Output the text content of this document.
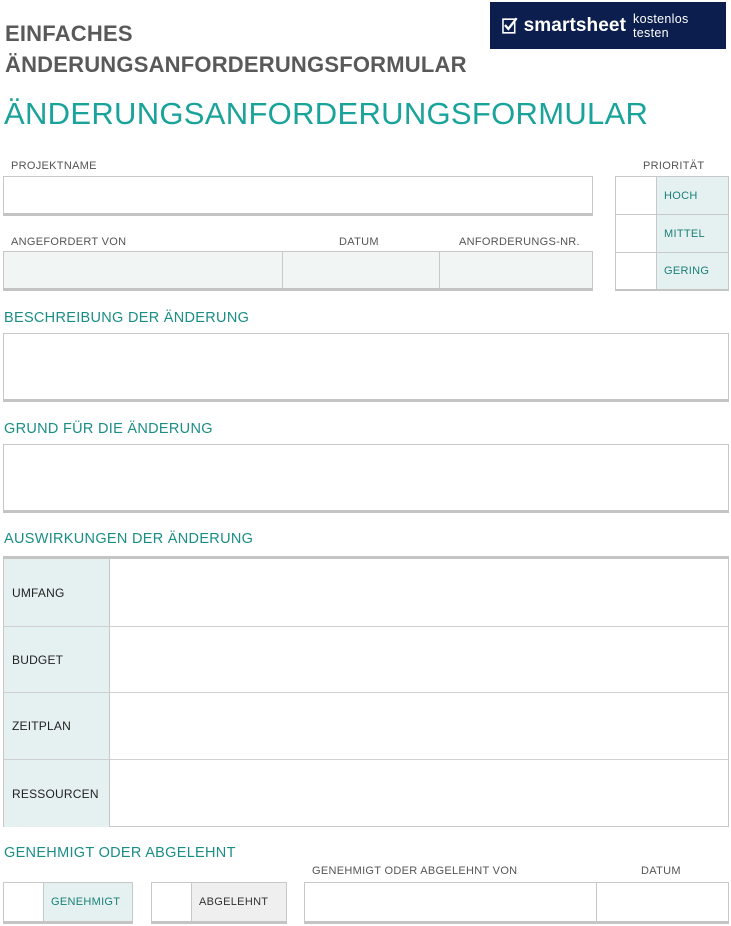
EINFACHES
ÄNDERUNGSANFORDERUNGSFORMULAR
smartsheet kostenlos testen
ÄNDERUNGSANFORDERUNGSFORMULAR
PROJEKTNAME
ANGEFORDERT VON	DATUM	ANFORDERUNGS-NR.
PRIORITÄT
HOCH
MITTEL
GERING
BESCHREIBUNG DER ÄNDERUNG
GRUND FÜR DIE ÄNDERUNG
AUSWIRKUNGEN DER ÄNDERUNG
UMFANG
BUDGET
ZEITPLAN
RESSOURCEN
GENEHMIGT ODER ABGELEHNT
GENEHMIGT ODER ABGELEHNT VON	DATUM
GENEHMIGT	ABGELEHNT
